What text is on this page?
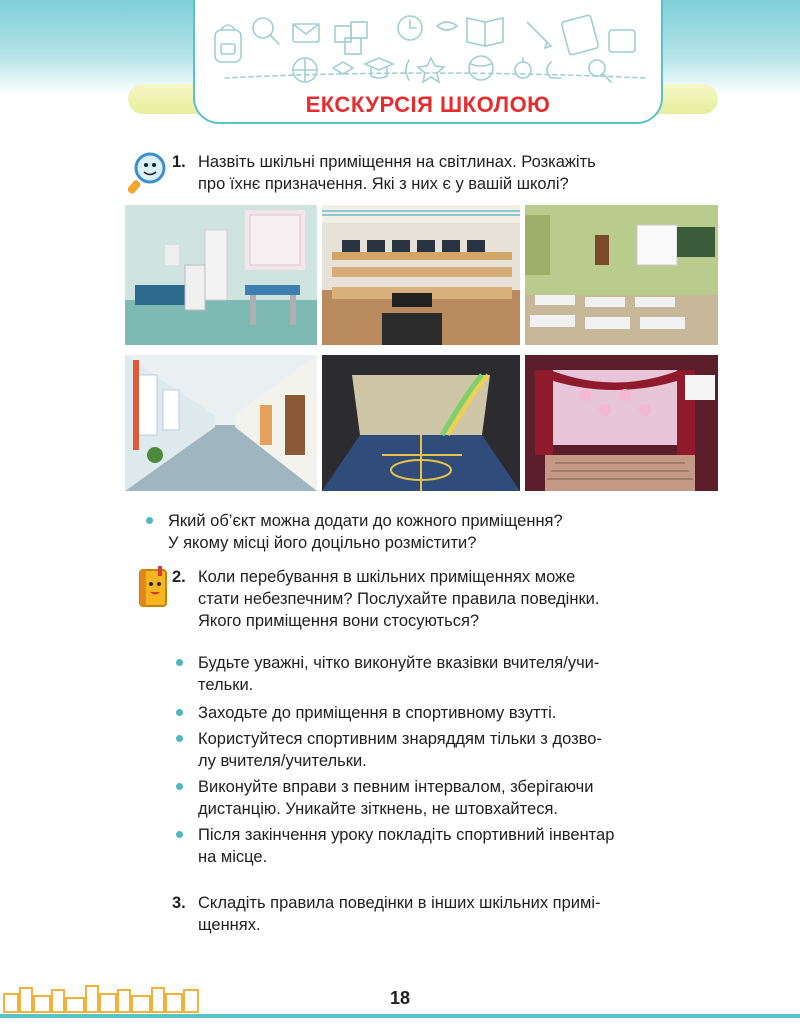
ЕКСКУРСІЯ ШКОЛОЮ
1. Назвіть шкільні приміщення на світлинах. Розкажіть
про їхнє призначення. Які з них є у вашій школі?
Який об’єкт можна додати до кожного приміщення?
У якому місці його доцільно розмістити?
2. Коли перебування в шкільних приміщеннях може
стати небезпечним? Послухайте правила поведінки.
Якого приміщення вони стосуються?
Будьте уважні, чітко виконуйте вказівки вчителя/учи-
тельки.
Заходьте до приміщення в спортивному взутті.
Користуйтеся спортивним знаряддям тільки з дозво-
лу вчителя/учительки.
Виконуйте вправи з певним інтервалом, зберігаючи
дистанцію. Уникайте зіткнень, не штовхайтеся.
Після закінчення уроку покладіть спортивний інвентар
на місце.
3. Складіть правила поведінки в інших шкільних примі-
щеннях.
18
